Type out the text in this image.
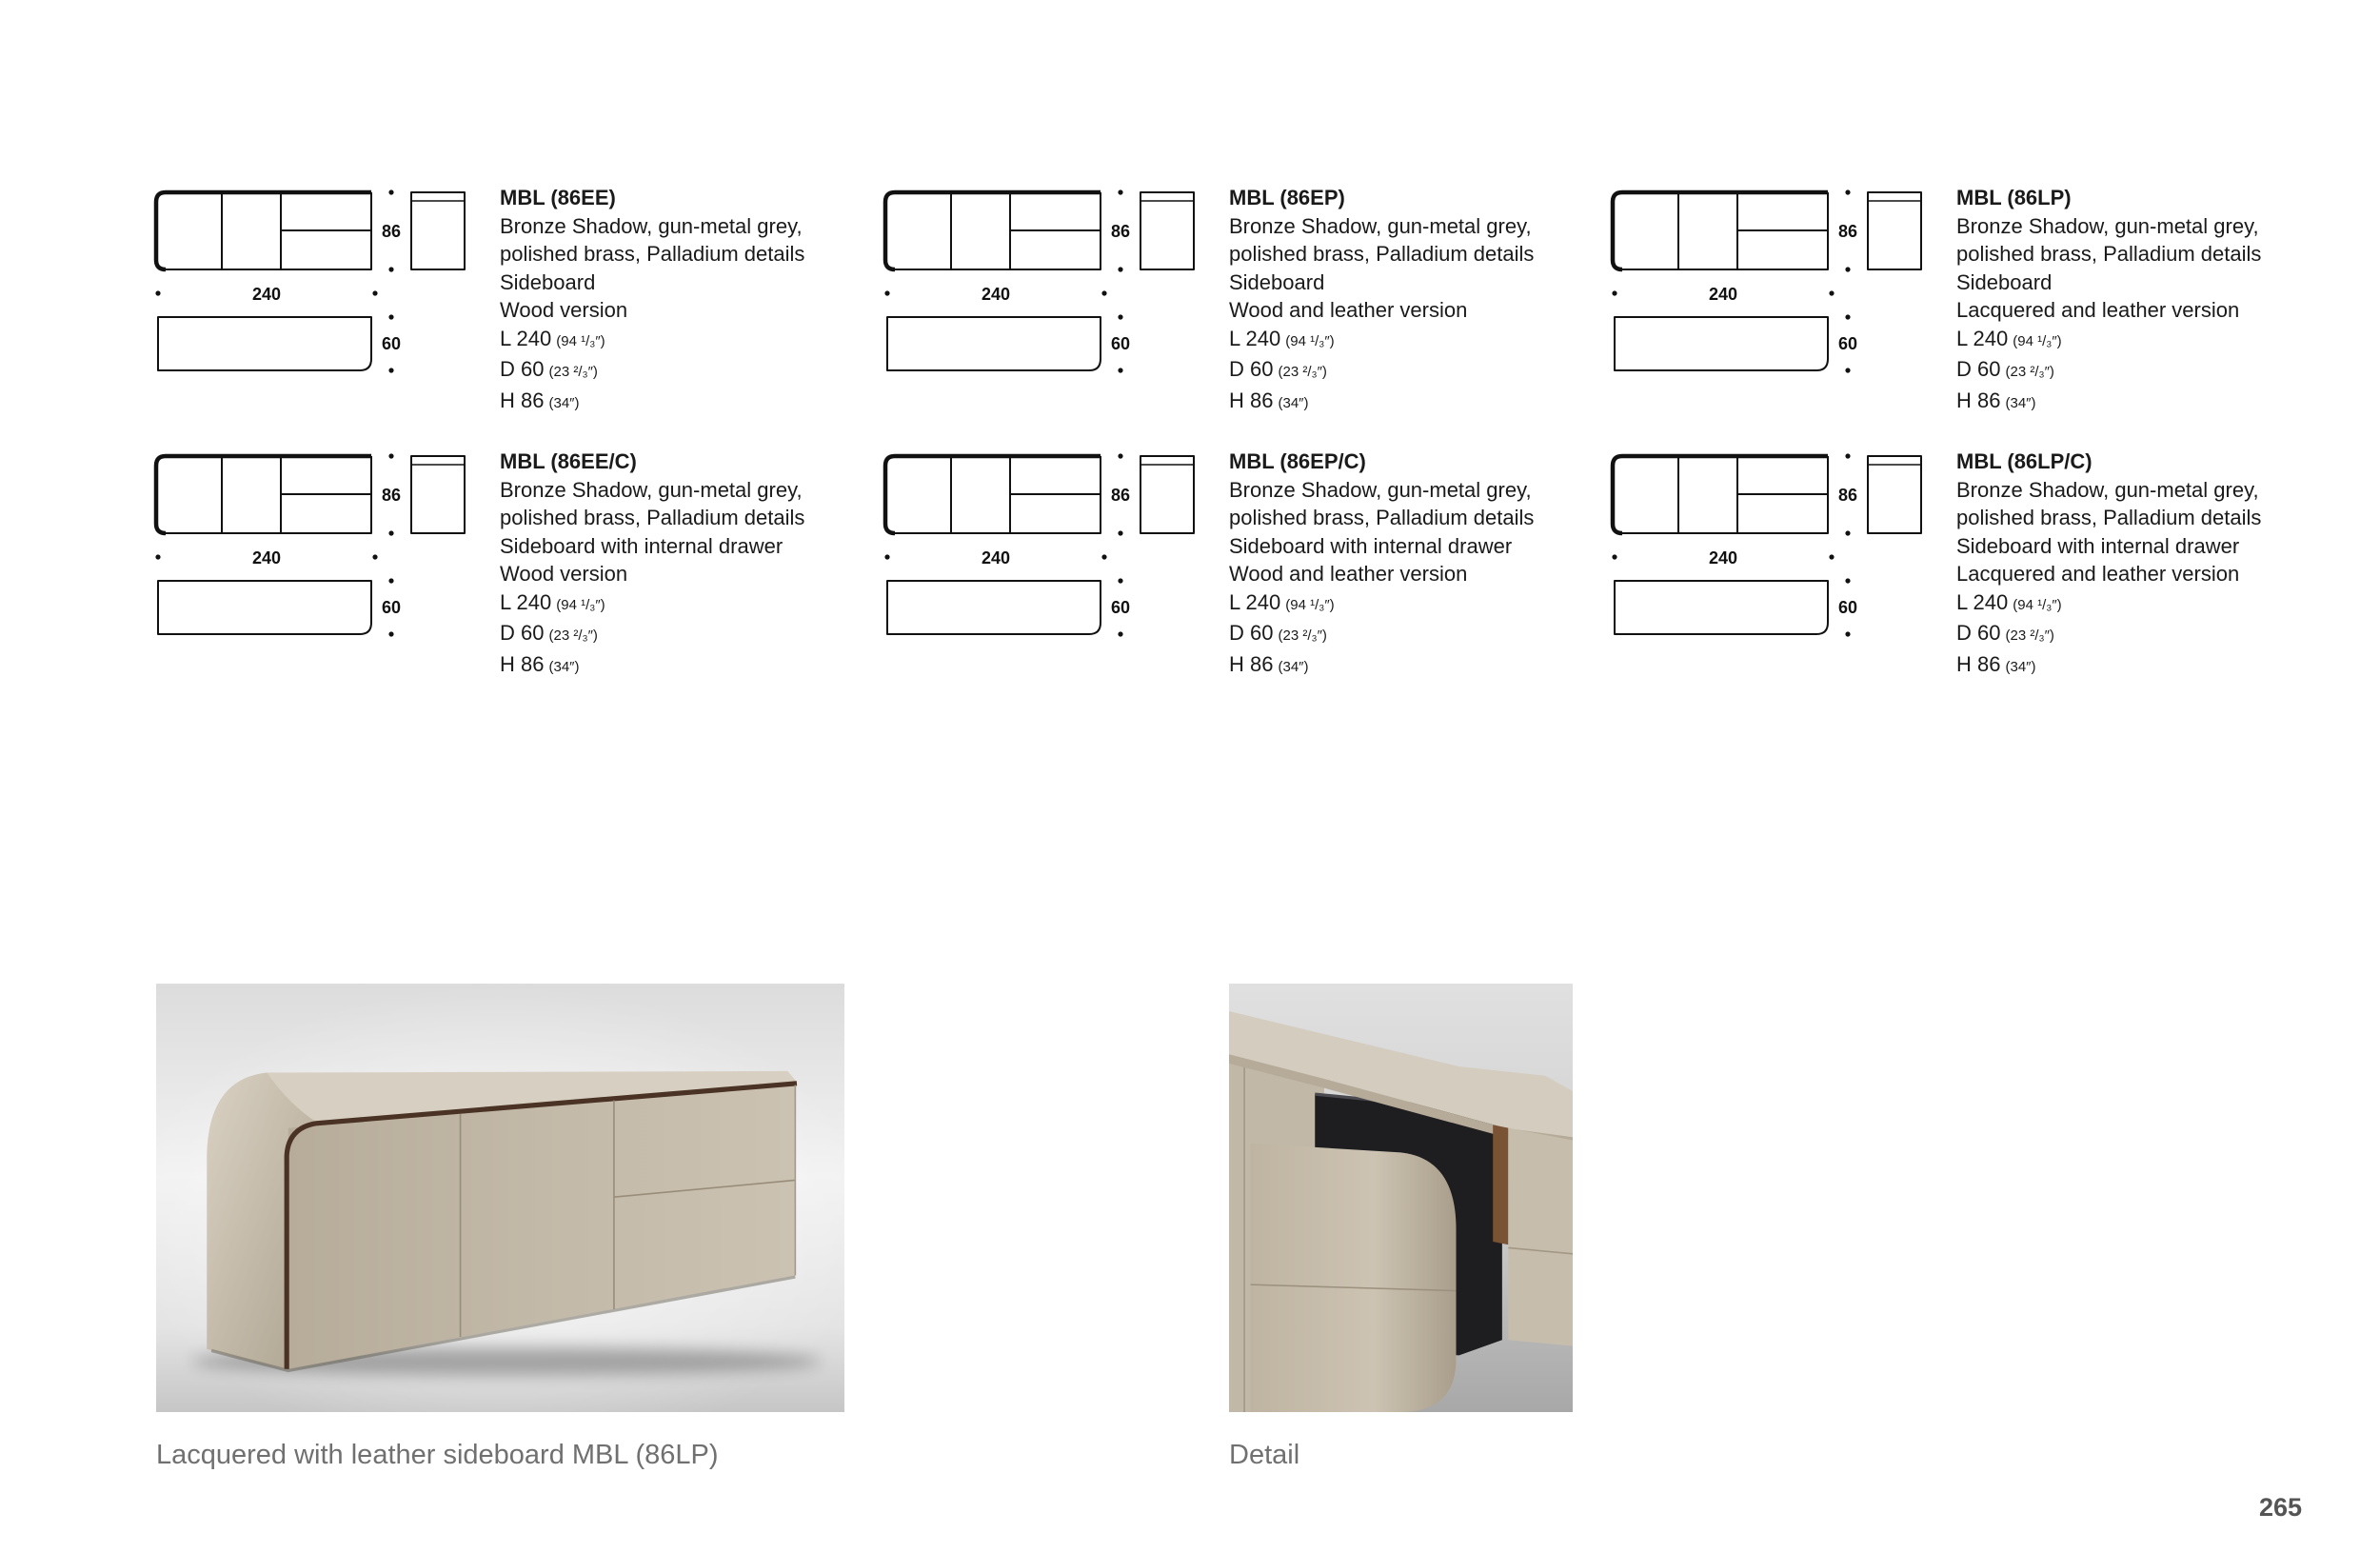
86
240
60
MBL (86EE)
Bronze Shadow, gun-metal grey,
polished brass, Palladium details
Sideboard
Wood version
L 240 (94 ¹/₃″)
D 60 (23 ²/₃″)
H 86 (34″)
86
240
60
MBL (86EP)
Bronze Shadow, gun-metal grey,
polished brass, Palladium details
Sideboard
Wood and leather version
L 240 (94 ¹/₃″)
D 60 (23 ²/₃″)
H 86 (34″)
86
240
60
MBL (86LP)
Bronze Shadow, gun-metal grey,
polished brass, Palladium details
Sideboard
Lacquered and leather version
L 240 (94 ¹/₃″)
D 60 (23 ²/₃″)
H 86 (34″)
86
240
60
MBL (86EE/C)
Bronze Shadow, gun-metal grey,
polished brass, Palladium details
Sideboard with internal drawer
Wood version
L 240 (94 ¹/₃″)
D 60 (23 ²/₃″)
H 86 (34″)
86
240
60
MBL (86EP/C)
Bronze Shadow, gun-metal grey,
polished brass, Palladium details
Sideboard with internal drawer
Wood and leather version
L 240 (94 ¹/₃″)
D 60 (23 ²/₃″)
H 86 (34″)
86
240
60
MBL (86LP/C)
Bronze Shadow, gun-metal grey,
polished brass, Palladium details
Sideboard with internal drawer
Lacquered and leather version
L 240 (94 ¹/₃″)
D 60 (23 ²/₃″)
H 86 (34″)
Lacquered with leather sideboard MBL (86LP)	Detail
265
